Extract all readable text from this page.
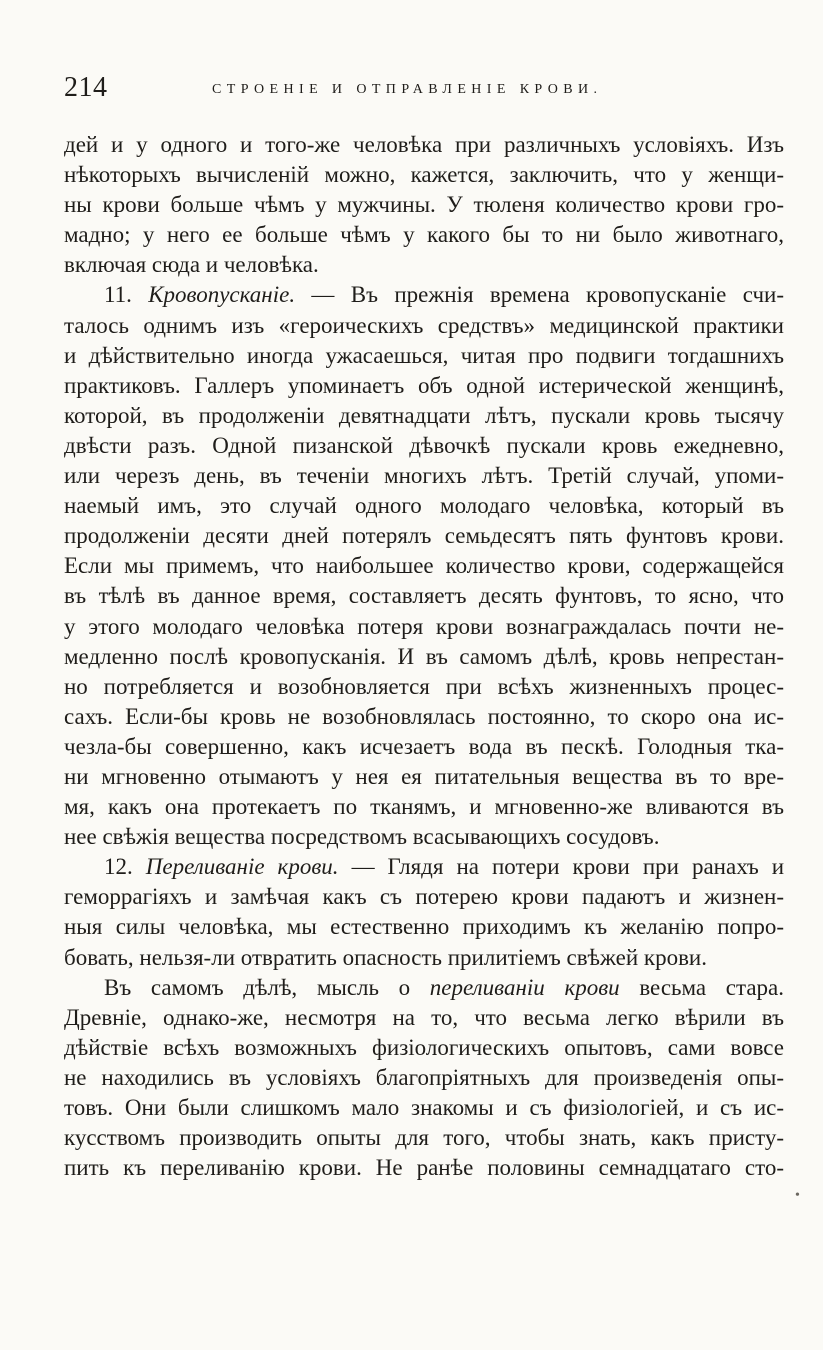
214	СТРОЕНІЕ И ОТПРАВЛЕНІЕ КРОВИ.
дей и у одного и того-же человѣка при различныхъ условіяхъ. Изъ
нѣкоторыхъ вычисленій можно, кажется, заключить, что у женщи-
ны крови больше чѣмъ у мужчины. У тюленя количество крови гро-
мадно; у него ее больше чѣмъ у какого бы то ни было животнаго,
включая сюда и человѣка.
11. Кровопусканіе. — Въ прежнія времена кровопусканіе счи-
талось однимъ изъ «героическихъ средствъ» медицинской практики
и дѣйствительно иногда ужасаешься, читая про подвиги тогдашнихъ
практиковъ. Галлеръ упоминаетъ объ одной истерической женщинѣ,
которой, въ продолженіи девятнадцати лѣтъ, пускали кровь тысячу
двѣсти разъ. Одной пизанской дѣвочкѣ пускали кровь ежедневно,
или черезъ день, въ теченіи многихъ лѣтъ. Третій случай, упоми-
наемый имъ, это случай одного молодаго человѣка, который въ
продолженіи десяти дней потерялъ семьдесятъ пять фунтовъ крови.
Если мы примемъ, что наибольшее количество крови, содержащейся
въ тѣлѣ въ данное время, составляетъ десять фунтовъ, то ясно, что
у этого молодаго человѣка потеря крови вознаграждалась почти не-
медленно послѣ кровопусканія. И въ самомъ дѣлѣ, кровь непрестан-
но потребляется и возобновляется при всѣхъ жизненныхъ процес-
сахъ. Если-бы кровь не возобновлялась постоянно, то скоро она ис-
чезла-бы совершенно, какъ исчезаетъ вода въ пескѣ. Голодныя тка-
ни мгновенно отымаютъ у нея ея питательныя вещества въ то вре-
мя, какъ она протекаетъ по тканямъ, и мгновенно-же вливаются въ
нее свѣжія вещества посредствомъ всасывающихъ сосудовъ.
12. Переливаніе крови. — Глядя на потери крови при ранахъ и
геморрагіяхъ и замѣчая какъ съ потерею крови падаютъ и жизнен-
ныя силы человѣка, мы естественно приходимъ къ желанію попро-
бовать, нельзя-ли отвратить опасность прилитіемъ свѣжей крови.
Въ самомъ дѣлѣ, мысль о переливаніи крови весьма стара.
Древніе, однако-же, несмотря на то, что весьма легко вѣрили въ
дѣйствіе всѣхъ возможныхъ физіологическихъ опытовъ, сами вовсе
не находились въ условіяхъ благопріятныхъ для произведенія опы-
товъ. Они были слишкомъ мало знакомы и съ физіологіей, и съ ис-
кусствомъ производить опыты для того, чтобы знать, какъ присту-
пить къ переливанію крови. Не ранѣе половины семнадцатаго сто-
•
